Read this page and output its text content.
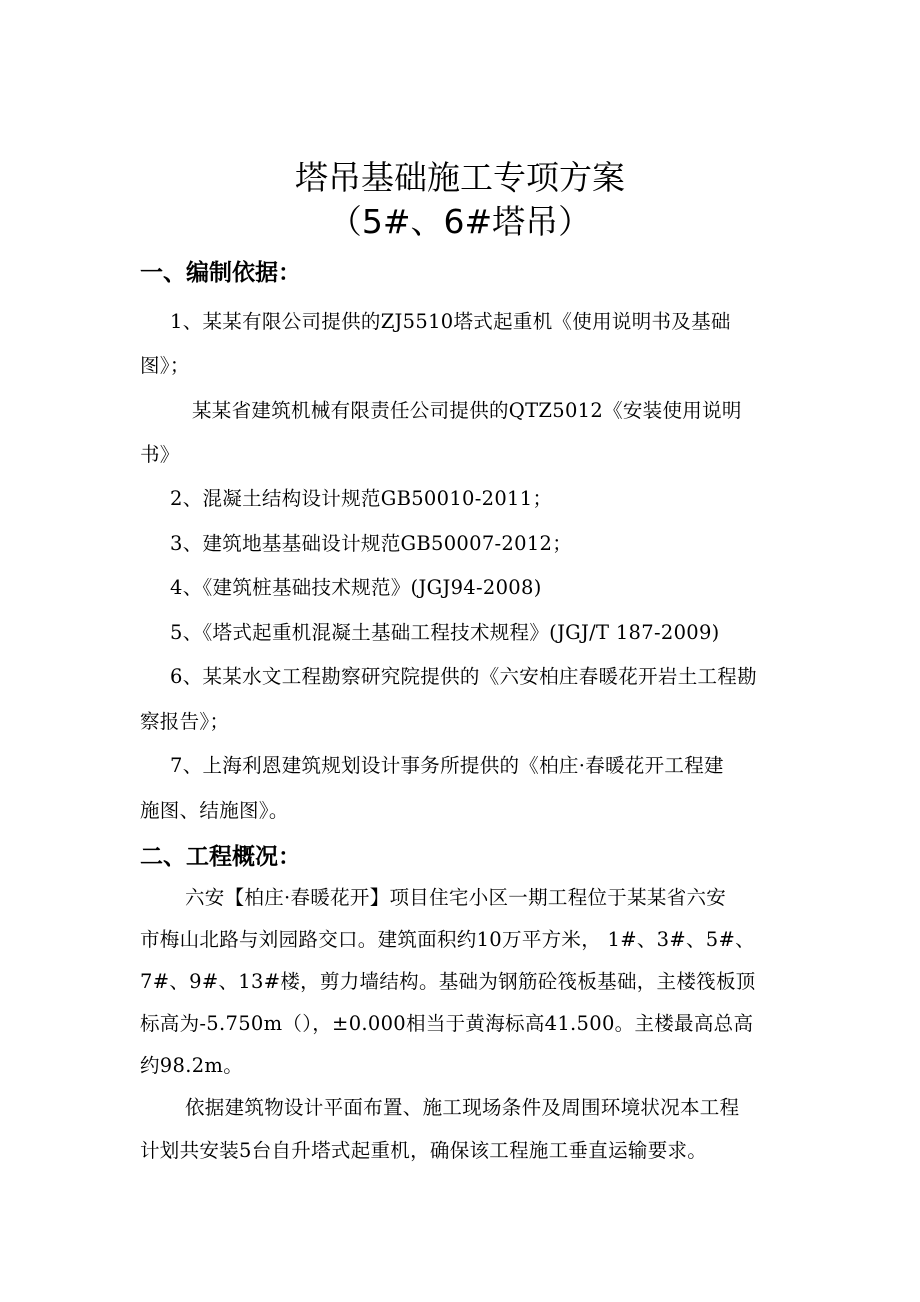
塔吊基础施工专项方案
（5#、6#塔吊）
一、编制依据：
1、某某有限公司提供的ZJ5510塔式起重机《使用说明书及基础
图》；
某某省建筑机械有限责任公司提供的QTZ5012《安装使用说明
书》
2、混凝土结构设计规范GB50010-2011；
3、建筑地基基础设计规范GB50007-2012；
4、《建筑桩基础技术规范》(JGJ94-2008)
5、《塔式起重机混凝土基础工程技术规程》(JGJ/T 187-2009)
6、某某水文工程勘察研究院提供的《六安柏庄春暖花开岩土工程勘
察报告》；
7、上海利恩建筑规划设计事务所提供的《柏庄·春暖花开工程建
施图、结施图》。
二、工程概况：
六安【柏庄·春暖花开】项目住宅小区一期工程位于某某省六安
市梅山北路与刘园路交口。建筑面积约10万平方米， 1#、3#、5#、
7#、9#、13#楼，剪力墙结构。基础为钢筋砼筏板基础，主楼筏板顶
标高为-5.750m（），±0.000相当于黄海标高41.500。主楼最高总高
约98.2m。
依据建筑物设计平面布置、施工现场条件及周围环境状况本工程
计划共安装5台自升塔式起重机，确保该工程施工垂直运输要求。
